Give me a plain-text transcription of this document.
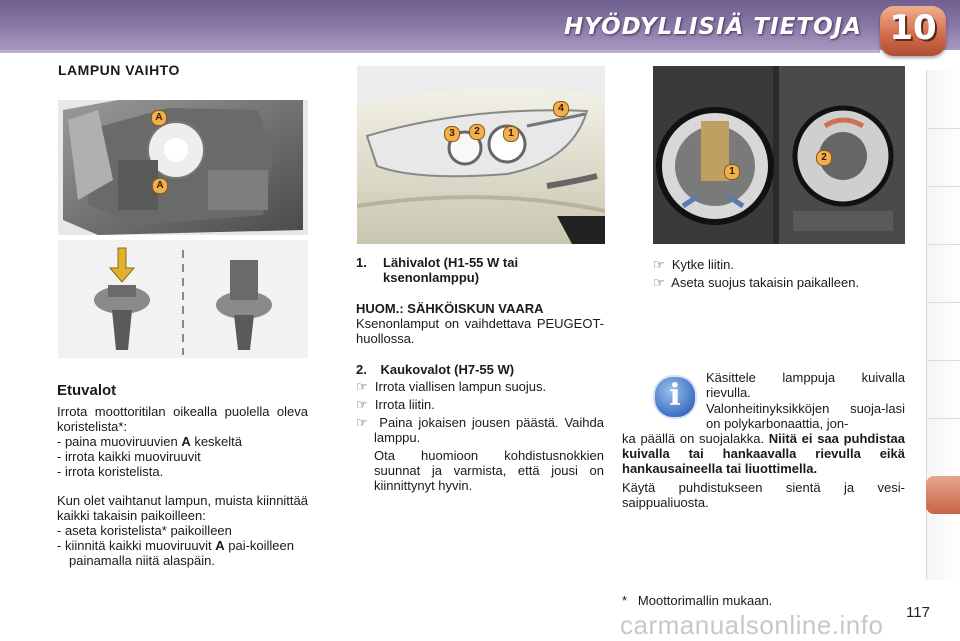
HYÖDYLLISIÄ TIETOJA 10
LAMPUN VAIHTO
A
A
Etuvalot
Irrota moottoritilan oikealla puolella oleva koristelista*:
- paina muoviruuvien A keskeltä
- irrota kaikki muoviruuvit
- irrota koristelista.
Kun olet vaihtanut lampun, muista kiinnittää kaikki takaisin paikoilleen:
- aseta koristelista* paikoilleen
- kiinnitä kaikki muoviruuvit A pai-koilleen painamalla niitä alaspäin.
3	2	1
4
1.	Lähivalot (H1-55 W tai ksenonlamppu)
HUOM.: SÄHKÖISKUN VAARA
Ksenonlamput on vaihdettava PEUGEOT-huollossa.
2. Kaukovalot (H7-55 W)
☞ Irrota viallisen lampun suojus.
☞ Irrota liitin.
☞ Paina jokaisen jousen päästä. Vaihda lamppu.
Ota huomioon kohdistusnokkien suunnat ja varmista, että jousi on kiinnittynyt hyvin.
1
2
☞ Kytke liitin.
☞ Aseta suojus takaisin paikalleen.
i
Käsittele lamppuja kuivalla rievulla.
Valonheitinyksikköjen suoja-lasi on polykarbonaattia, jon-
ka päällä on suojalakka. Niitä ei saa puhdistaa kuivalla tai hankaavalla rievulla eikä hankausaineella tai liuottimella.
Käytä puhdistukseen sientä ja vesi-saippualiuosta.
* Moottorimallin mukaan.
117
carmanualsonline.info
